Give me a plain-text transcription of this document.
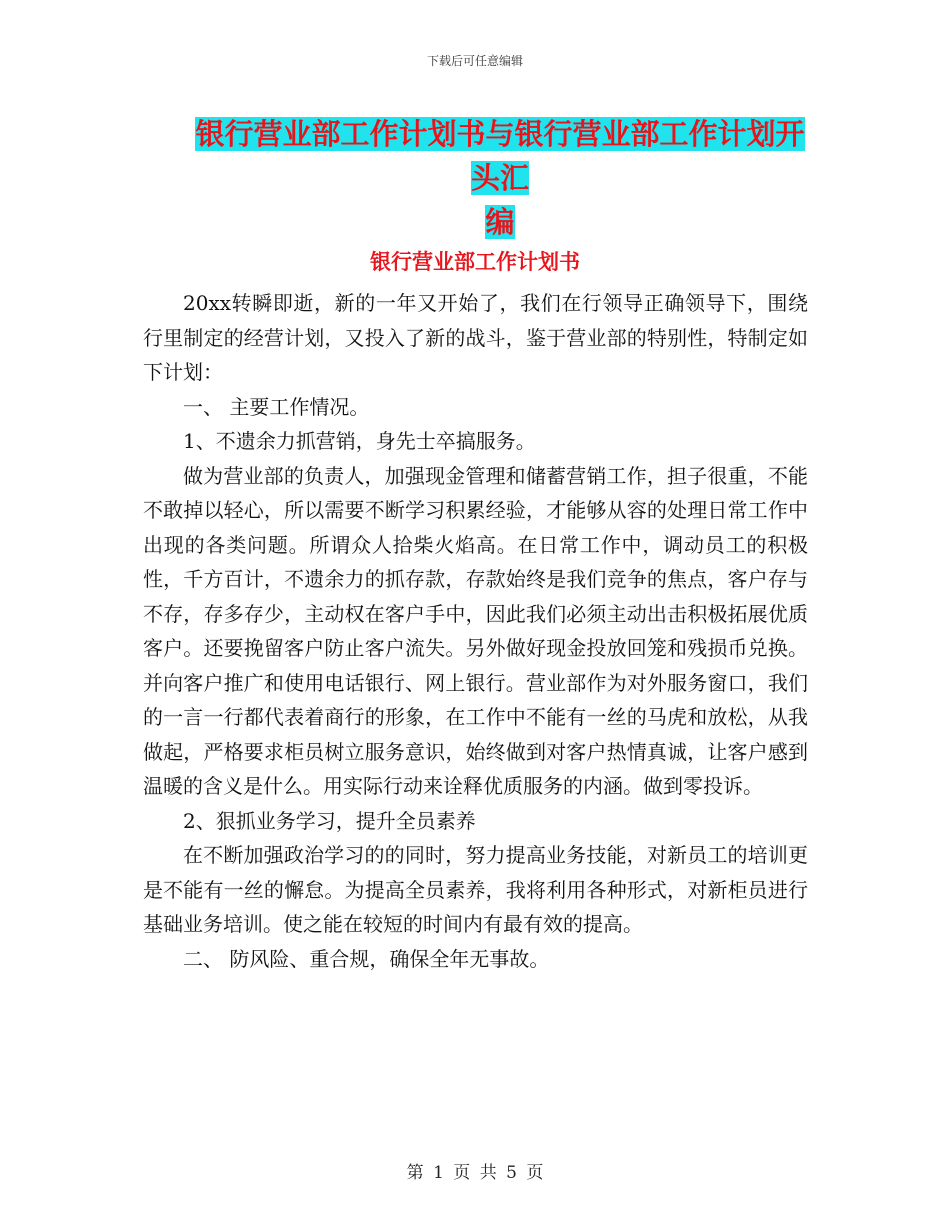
下载后可任意编辑
银行营业部工作计划书与银行营业部工作计划开头汇
编
银行营业部工作计划书

20xx转瞬即逝，新的一年又开始了，我们在行领导正确领导下，围绕行里制定的经营计划，又投入了新的战斗，鉴于营业部的特别性，特制定如下计划：

一、 主要工作情况。

1、不遗余力抓营销，身先士卒搞服务。

做为营业部的负责人，加强现金管理和储蓄营销工作，担子很重，不能不敢掉以轻心，所以需要不断学习积累经验，才能够从容的处理日常工作中出现的各类问题。所谓众人拾柴火焰高。在日常工作中，调动员工的积极性，千方百计，不遗余力的抓存款，存款始终是我们竞争的焦点，客户存与不存，存多存少，主动权在客户手中，因此我们必须主动出击积极拓展优质客户。还要挽留客户防止客户流失。另外做好现金投放回笼和残损币兑换。并向客户推广和使用电话银行、网上银行。营业部作为对外服务窗口，我们的一言一行都代表着商行的形象，在工作中不能有一丝的马虎和放松，从我做起，严格要求柜员树立服务意识，始终做到对客户热情真诚，让客户感到温暖的含义是什么。用实际行动来诠释优质服务的内涵。做到零投诉。

2、狠抓业务学习，提升全员素养

在不断加强政治学习的的同时，努力提高业务技能，对新员工的培训更是不能有一丝的懈怠。为提高全员素养，我将利用各种形式，对新柜员进行基础业务培训。使之能在较短的时间内有最有效的提高。

二、 防风险、重合规，确保全年无事故。

第 1 页 共 5 页
